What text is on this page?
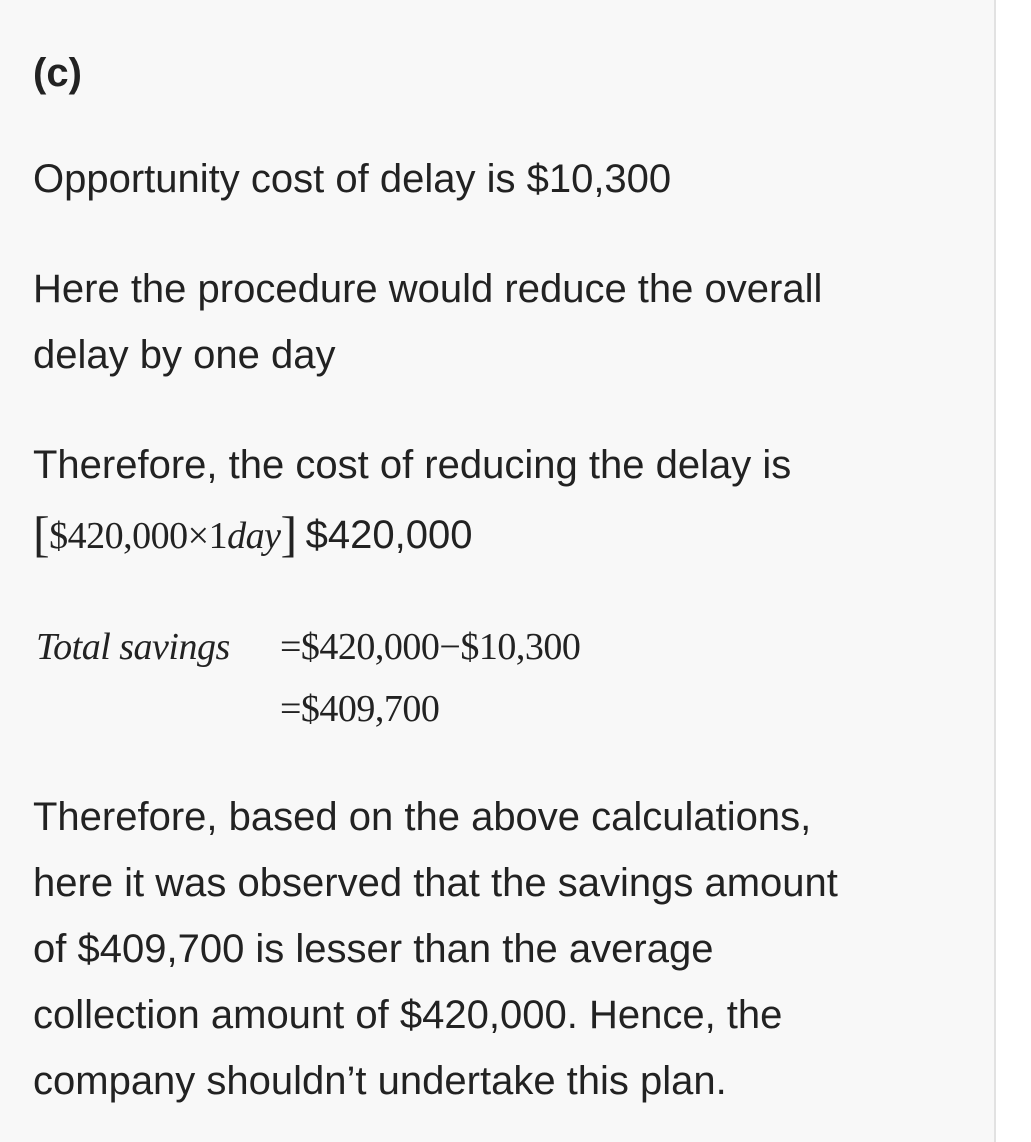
(c)

Opportunity cost of delay is $10,300

Here the procedure would reduce the overall
delay by one day
Therefore, the cost of reducing the delay is
[$420,000×1day] $420,000
Total savings =$420,000−$10,300
=$409,700
Therefore, based on the above calculations,
here it was observed that the savings amount
of $409,700 is lesser than the average
collection amount of $420,000. Hence, the
company shouldn’t undertake this plan.
